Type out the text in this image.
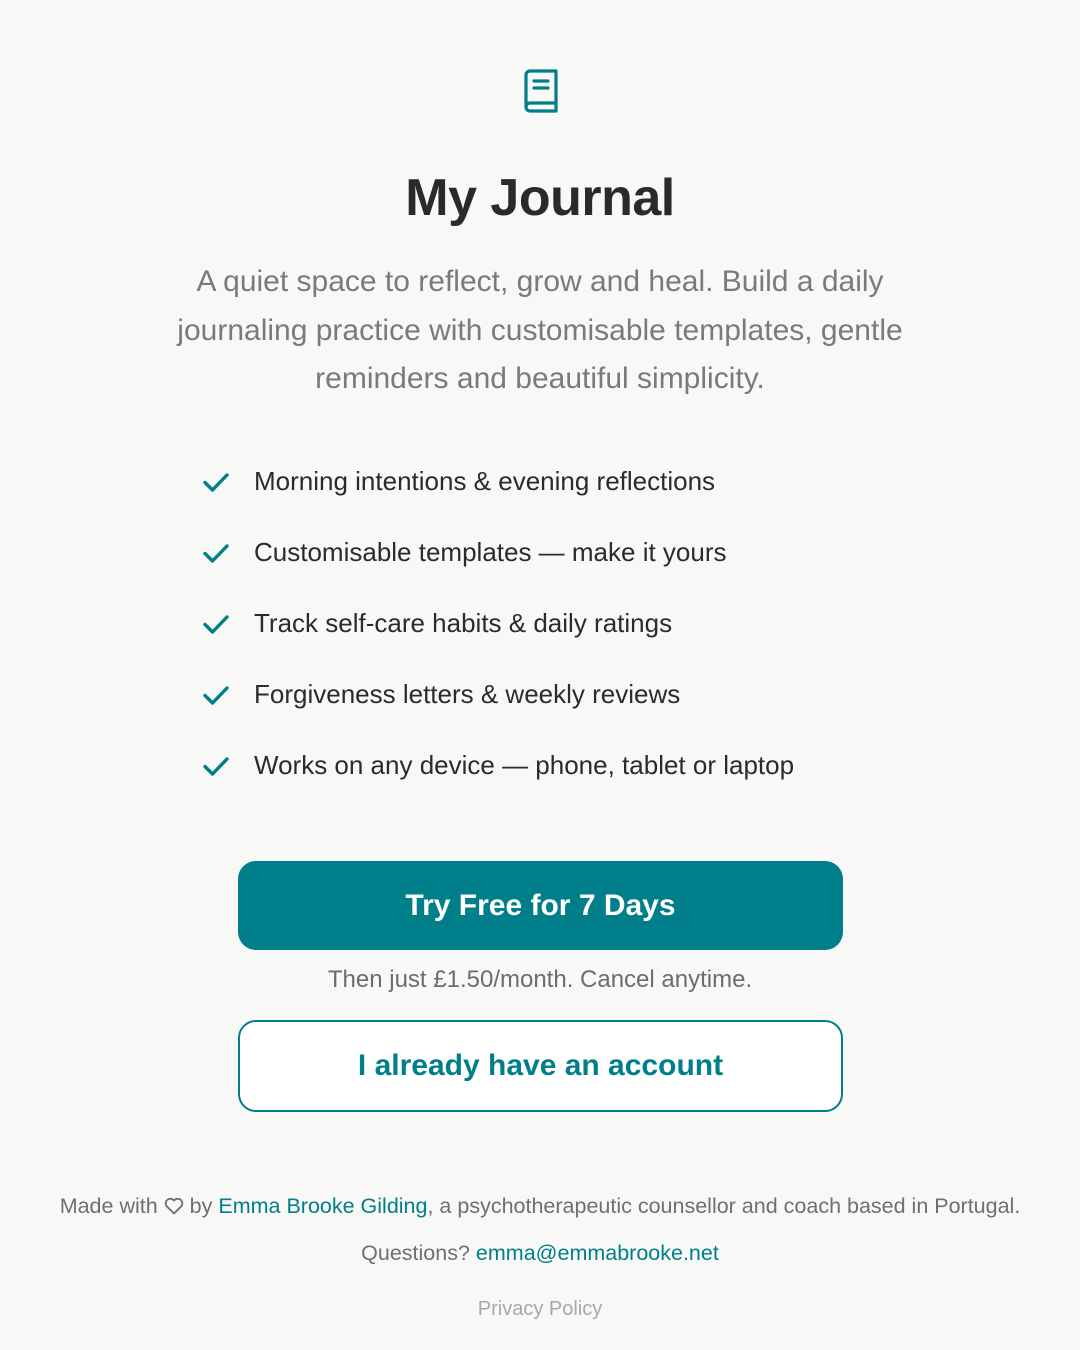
My Journal

A quiet space to reflect, grow and heal. Build a daily journaling practice with customisable templates, gentle reminders and beautiful simplicity.

Morning intentions & evening reflections
Customisable templates — make it yours
Track self-care habits & daily ratings
Forgiveness letters & weekly reviews
Works on any device — phone, tablet or laptop
Try Free for 7 Days

Then just £1.50/month. Cancel anytime.

I already have an account

Made with by Emma Brooke Gilding, a psychotherapeutic counsellor and coach based in Portugal.

Questions? emma@emmabrooke.net

Privacy Policy
